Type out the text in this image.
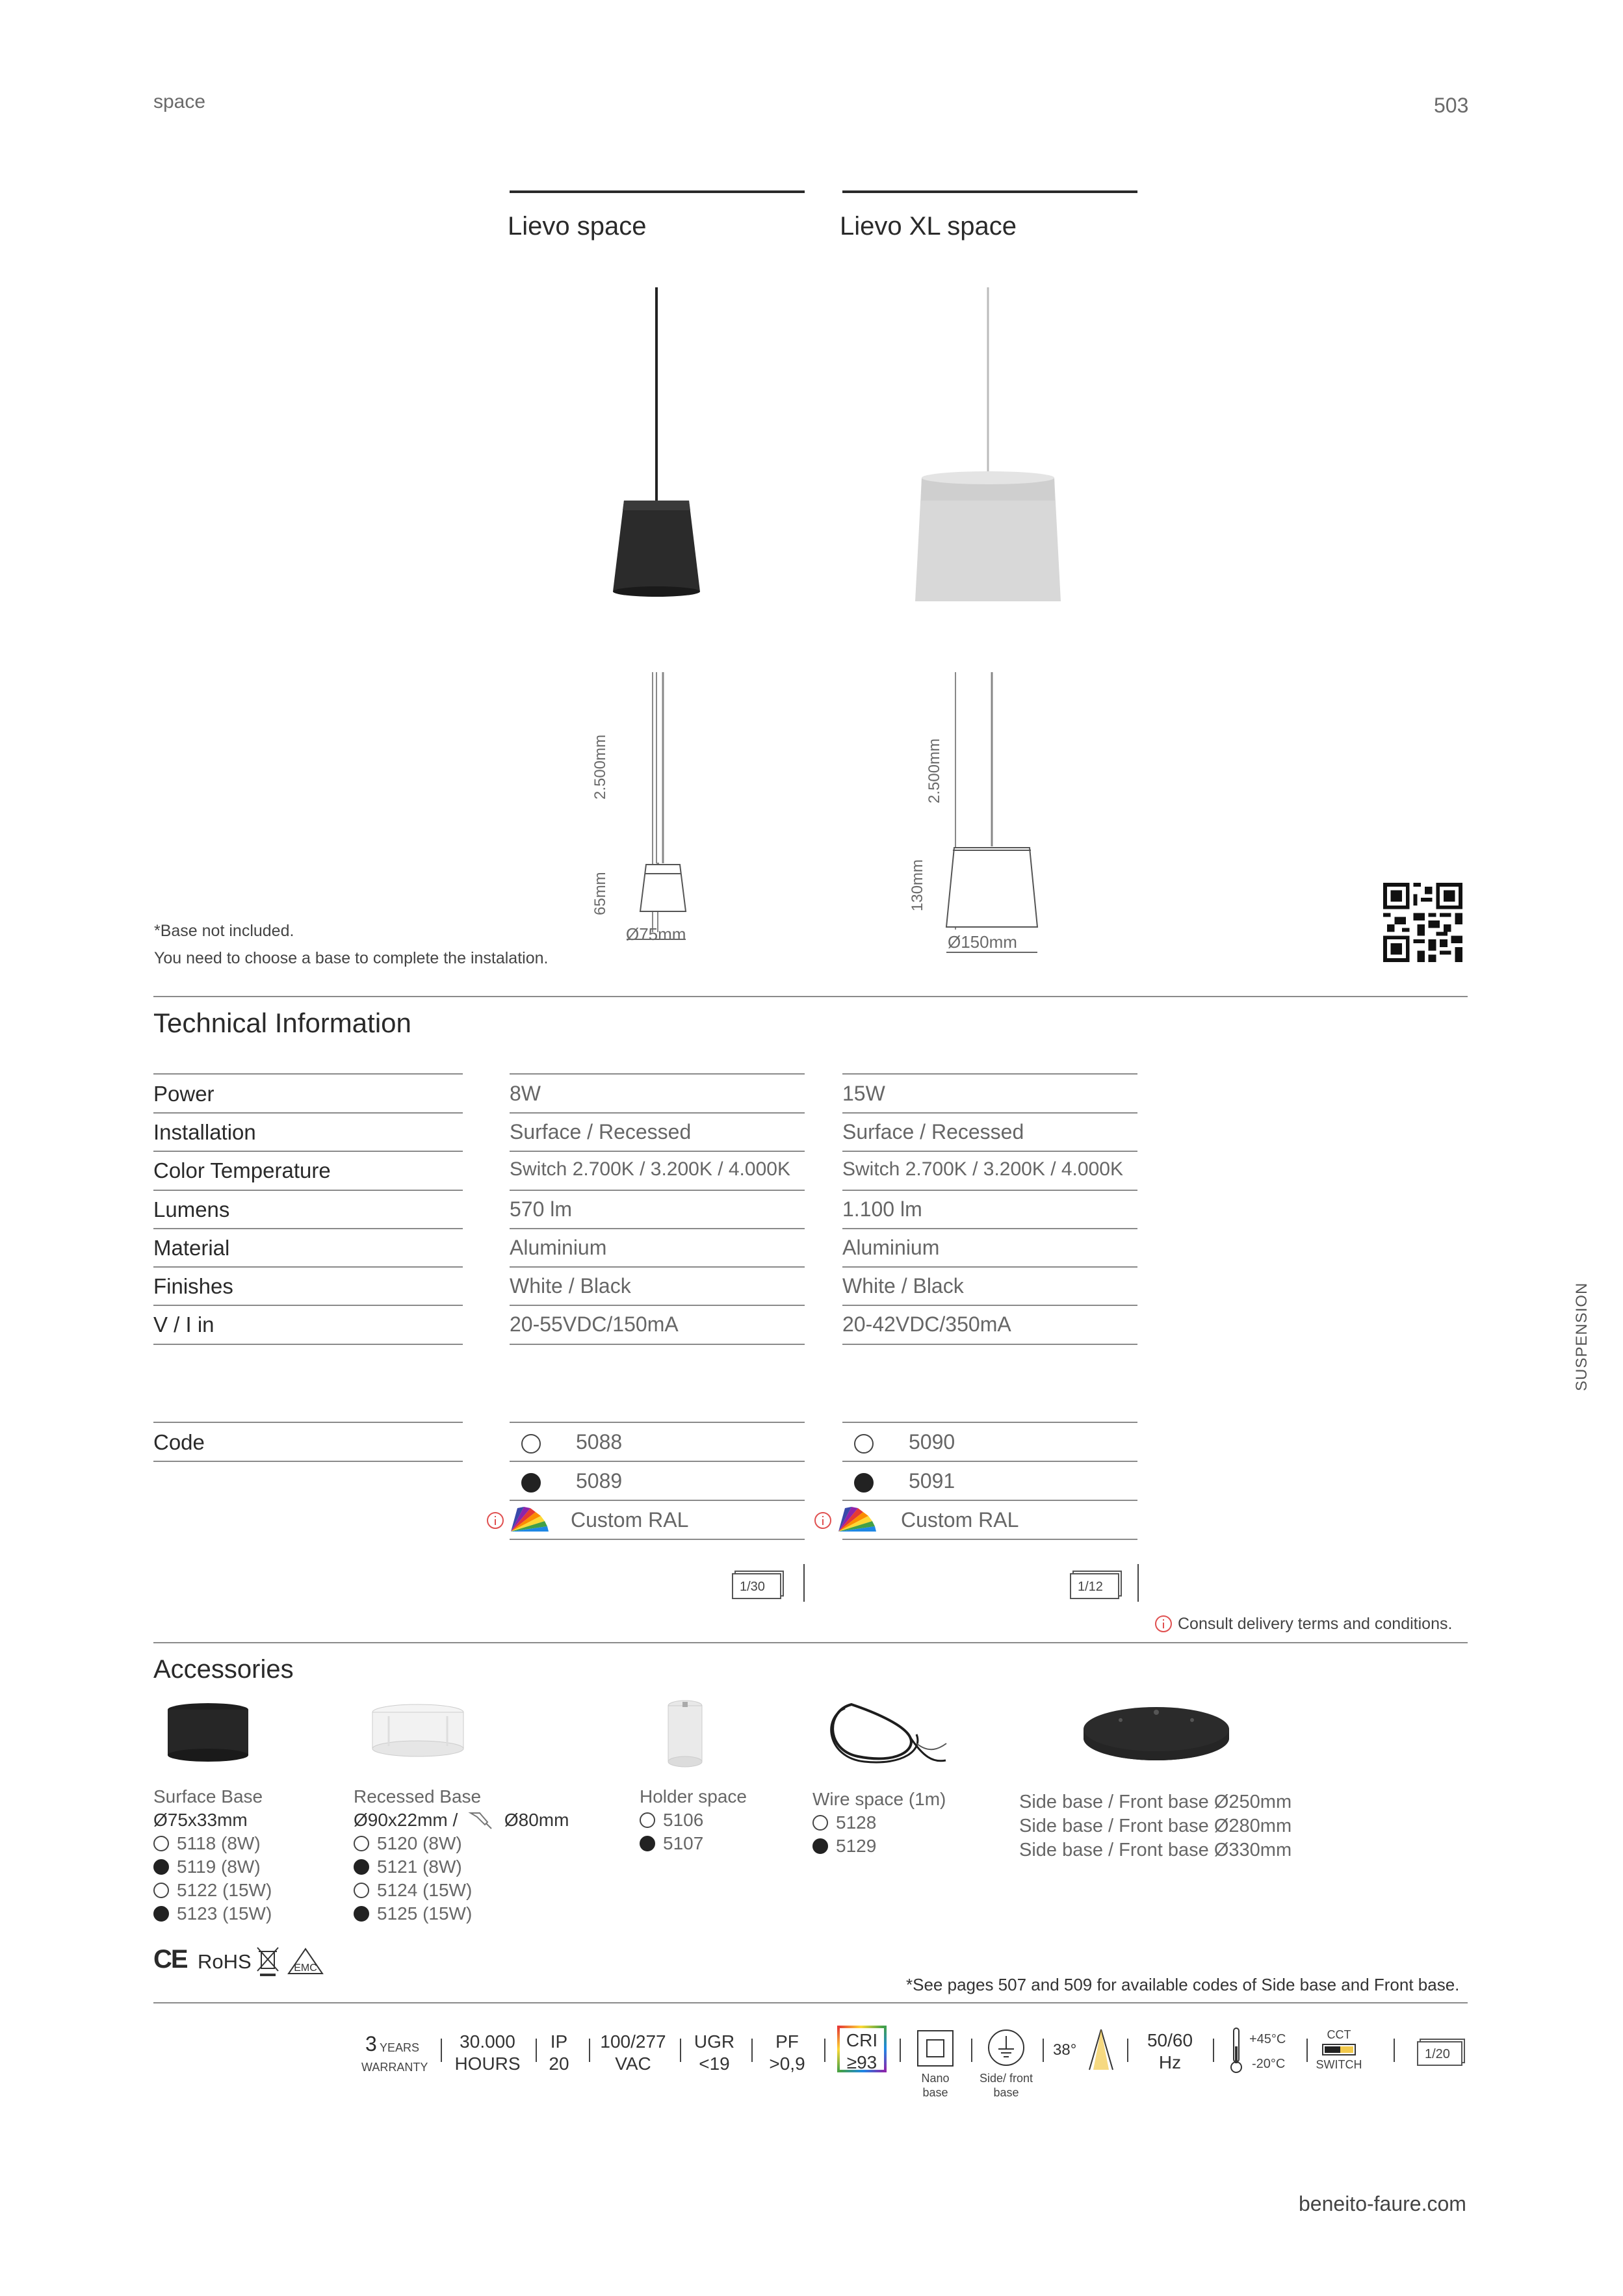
space	503
Lievo space	Lievo XL space
2.500mm
65mm
Ø75mm
2.500mm
130mm
Ø150mm
*Base not included.
You need to choose a base to complete the instalation.
Technical Information
Power	8W	15W
Installation	Surface / Recessed	Surface / Recessed
Color Temperature	Switch 2.700K / 3.200K / 4.000K	Switch 2.700K / 3.200K / 4.000K
Lumens	570 lm	1.100 lm
Material	Aluminium	Aluminium
Finishes	White / Black	White / Black
V / I in	20-55VDC/150mA	20-42VDC/350mA
Code	5088	5090
5089	5091
Custom RAL	Custom RAL
1/30	1/12
Consult delivery terms and conditions.
Accessories
Surface Base
Ø75x33mm
5118 (8W)
5119 (8W)
5122 (15W)
5123 (15W)
Recessed Base
Ø90x22mm /	Ø80mm
5120 (8W)
5121 (8W)
5124 (15W)
5125 (15W)
Holder space
5106
5107
Wire space (1m)
5128
5129
Side base / Front base Ø250mm
Side base / Front base Ø280mm
Side base / Front base Ø330mm
CE RoHS	EMC
*See pages 507 and 509 for available codes of Side base and Front base.
3 YEARS
WARRANTY
30.000
HOURS
IP
20
100/277
VAC
UGR
<19
PF
>0,9
CRI
≥93
Nano
base
Side/ front
base
38°	50/60
Hz
+45°C
-20°C
CCT
SWITCH
1/20
SUSPENSION
beneito-faure.com
